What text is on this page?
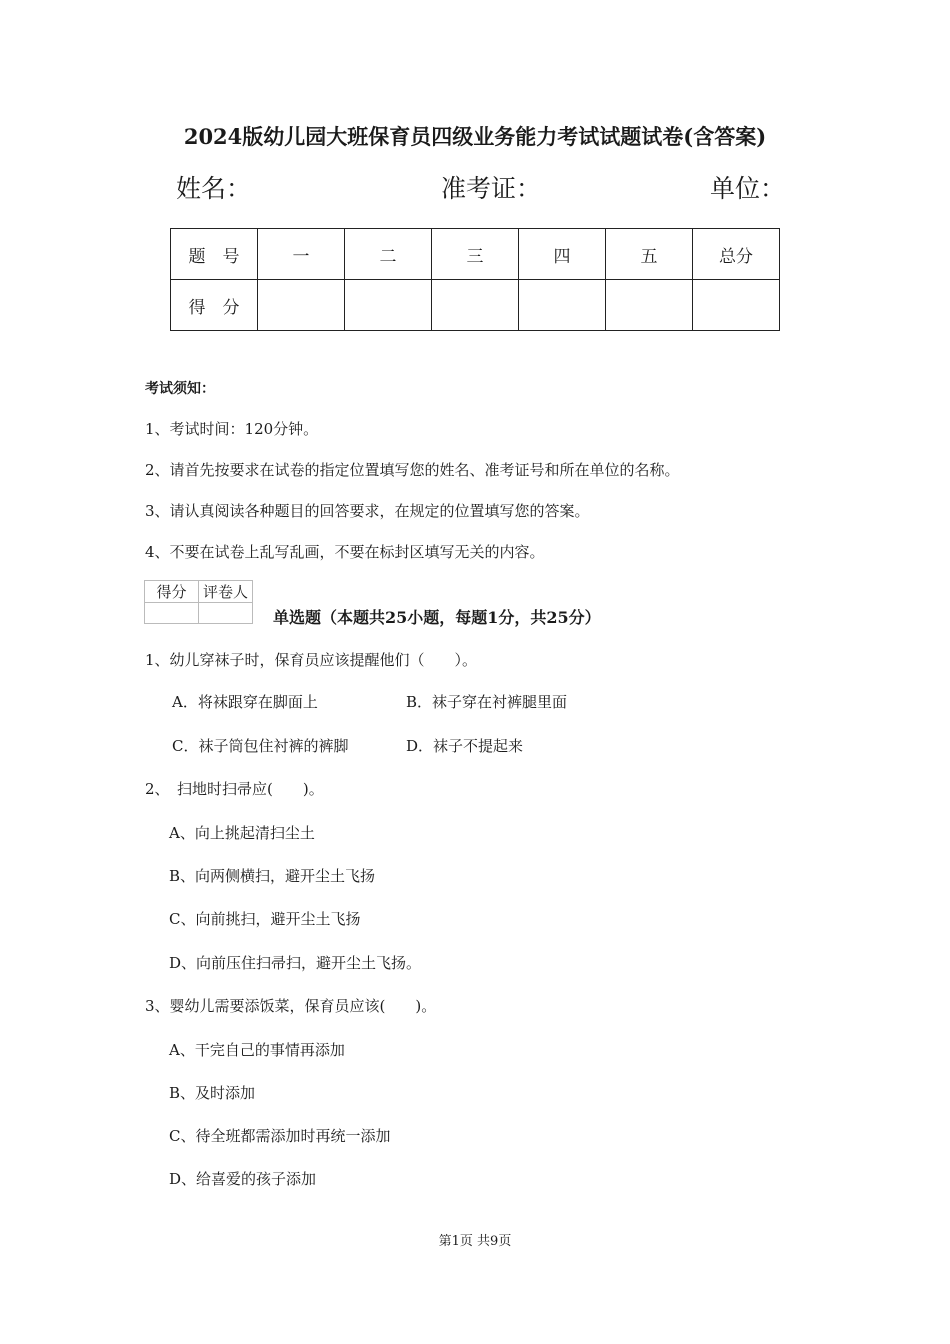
2024版幼儿园大班保育员四级业务能力考试试题试卷(含答案)
姓名：	准考证：	单位：
题　号	一	二	三	四	五	总分
得　分						
考试须知：
1、考试时间：120分钟。
2、请首先按要求在试卷的指定位置填写您的姓名、准考证号和所在单位的名称。
3、请认真阅读各种题目的回答要求，在规定的位置填写您的答案。
4、不要在试卷上乱写乱画，不要在标封区填写无关的内容。
得分	评卷人

单选题（本题共25小题，每题1分，共25分）
1、幼儿穿袜子时，保育员应该提醒他们（　　）。
A．将袜跟穿在脚面上	B．袜子穿在衬裤腿里面
C．袜子筒包住衬裤的裤脚	D．袜子不提起来
2、　扫地时扫帚应(　　)。
A、向上挑起清扫尘土
B、向两侧横扫，避开尘土飞扬
C、向前挑扫，避开尘土飞扬
D、向前压住扫帚扫，避开尘土飞扬。
3、婴幼儿需要添饭菜，保育员应该(　　)。
A、干完自己的事情再添加
B、及时添加
C、待全班都需添加时再统一添加
D、给喜爱的孩子添加
第1页 共9页
